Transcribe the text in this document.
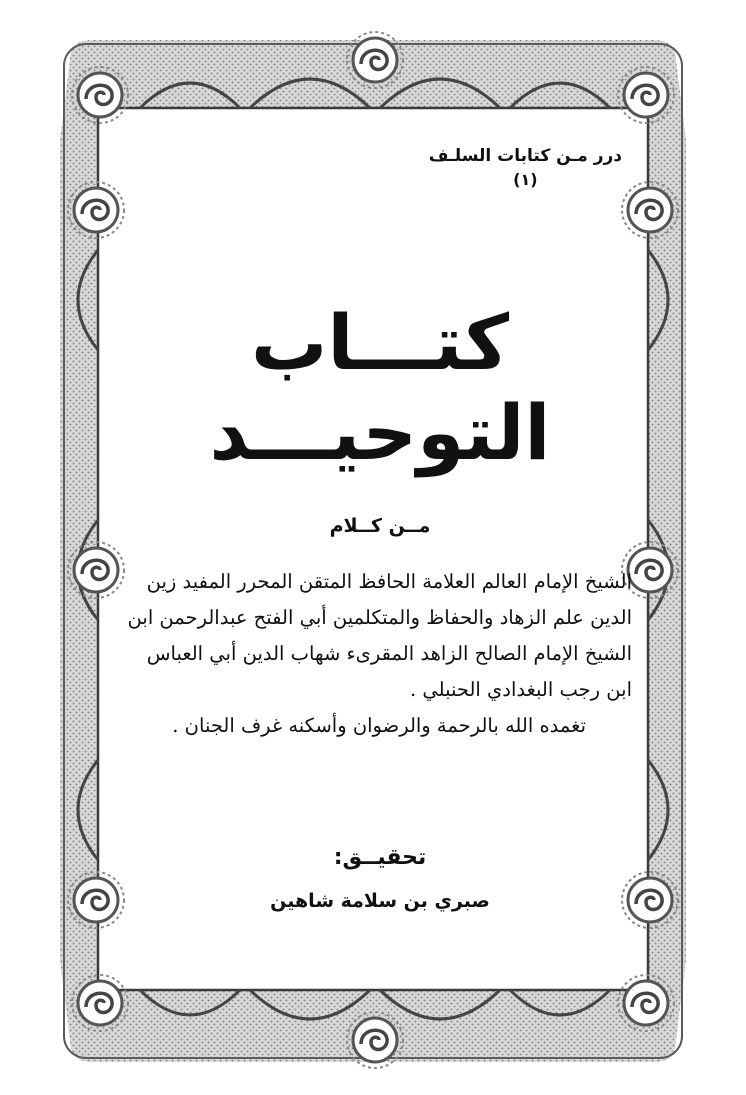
درر مـن كتابات السلـف
(١)
كتـــاب التوحيـــد
مــن كــلام
الشيخ الإمام العالم العلامة الحافظ المتقن المحرر المفيد زين
الدين علم الزهاد والحفاظ والمتكلمين أبي الفتح عبدالرحمن ابن
الشيخ الإمام الصالح الزاهد المقرىء شهاب الدين أبي العباس
ابن رجب البغدادي الحنبلي .
تغمده الله بالرحمة والرضوان وأسكنه غرف الجنان .
تحقيــق:
صبري بن سلامة شاهين
